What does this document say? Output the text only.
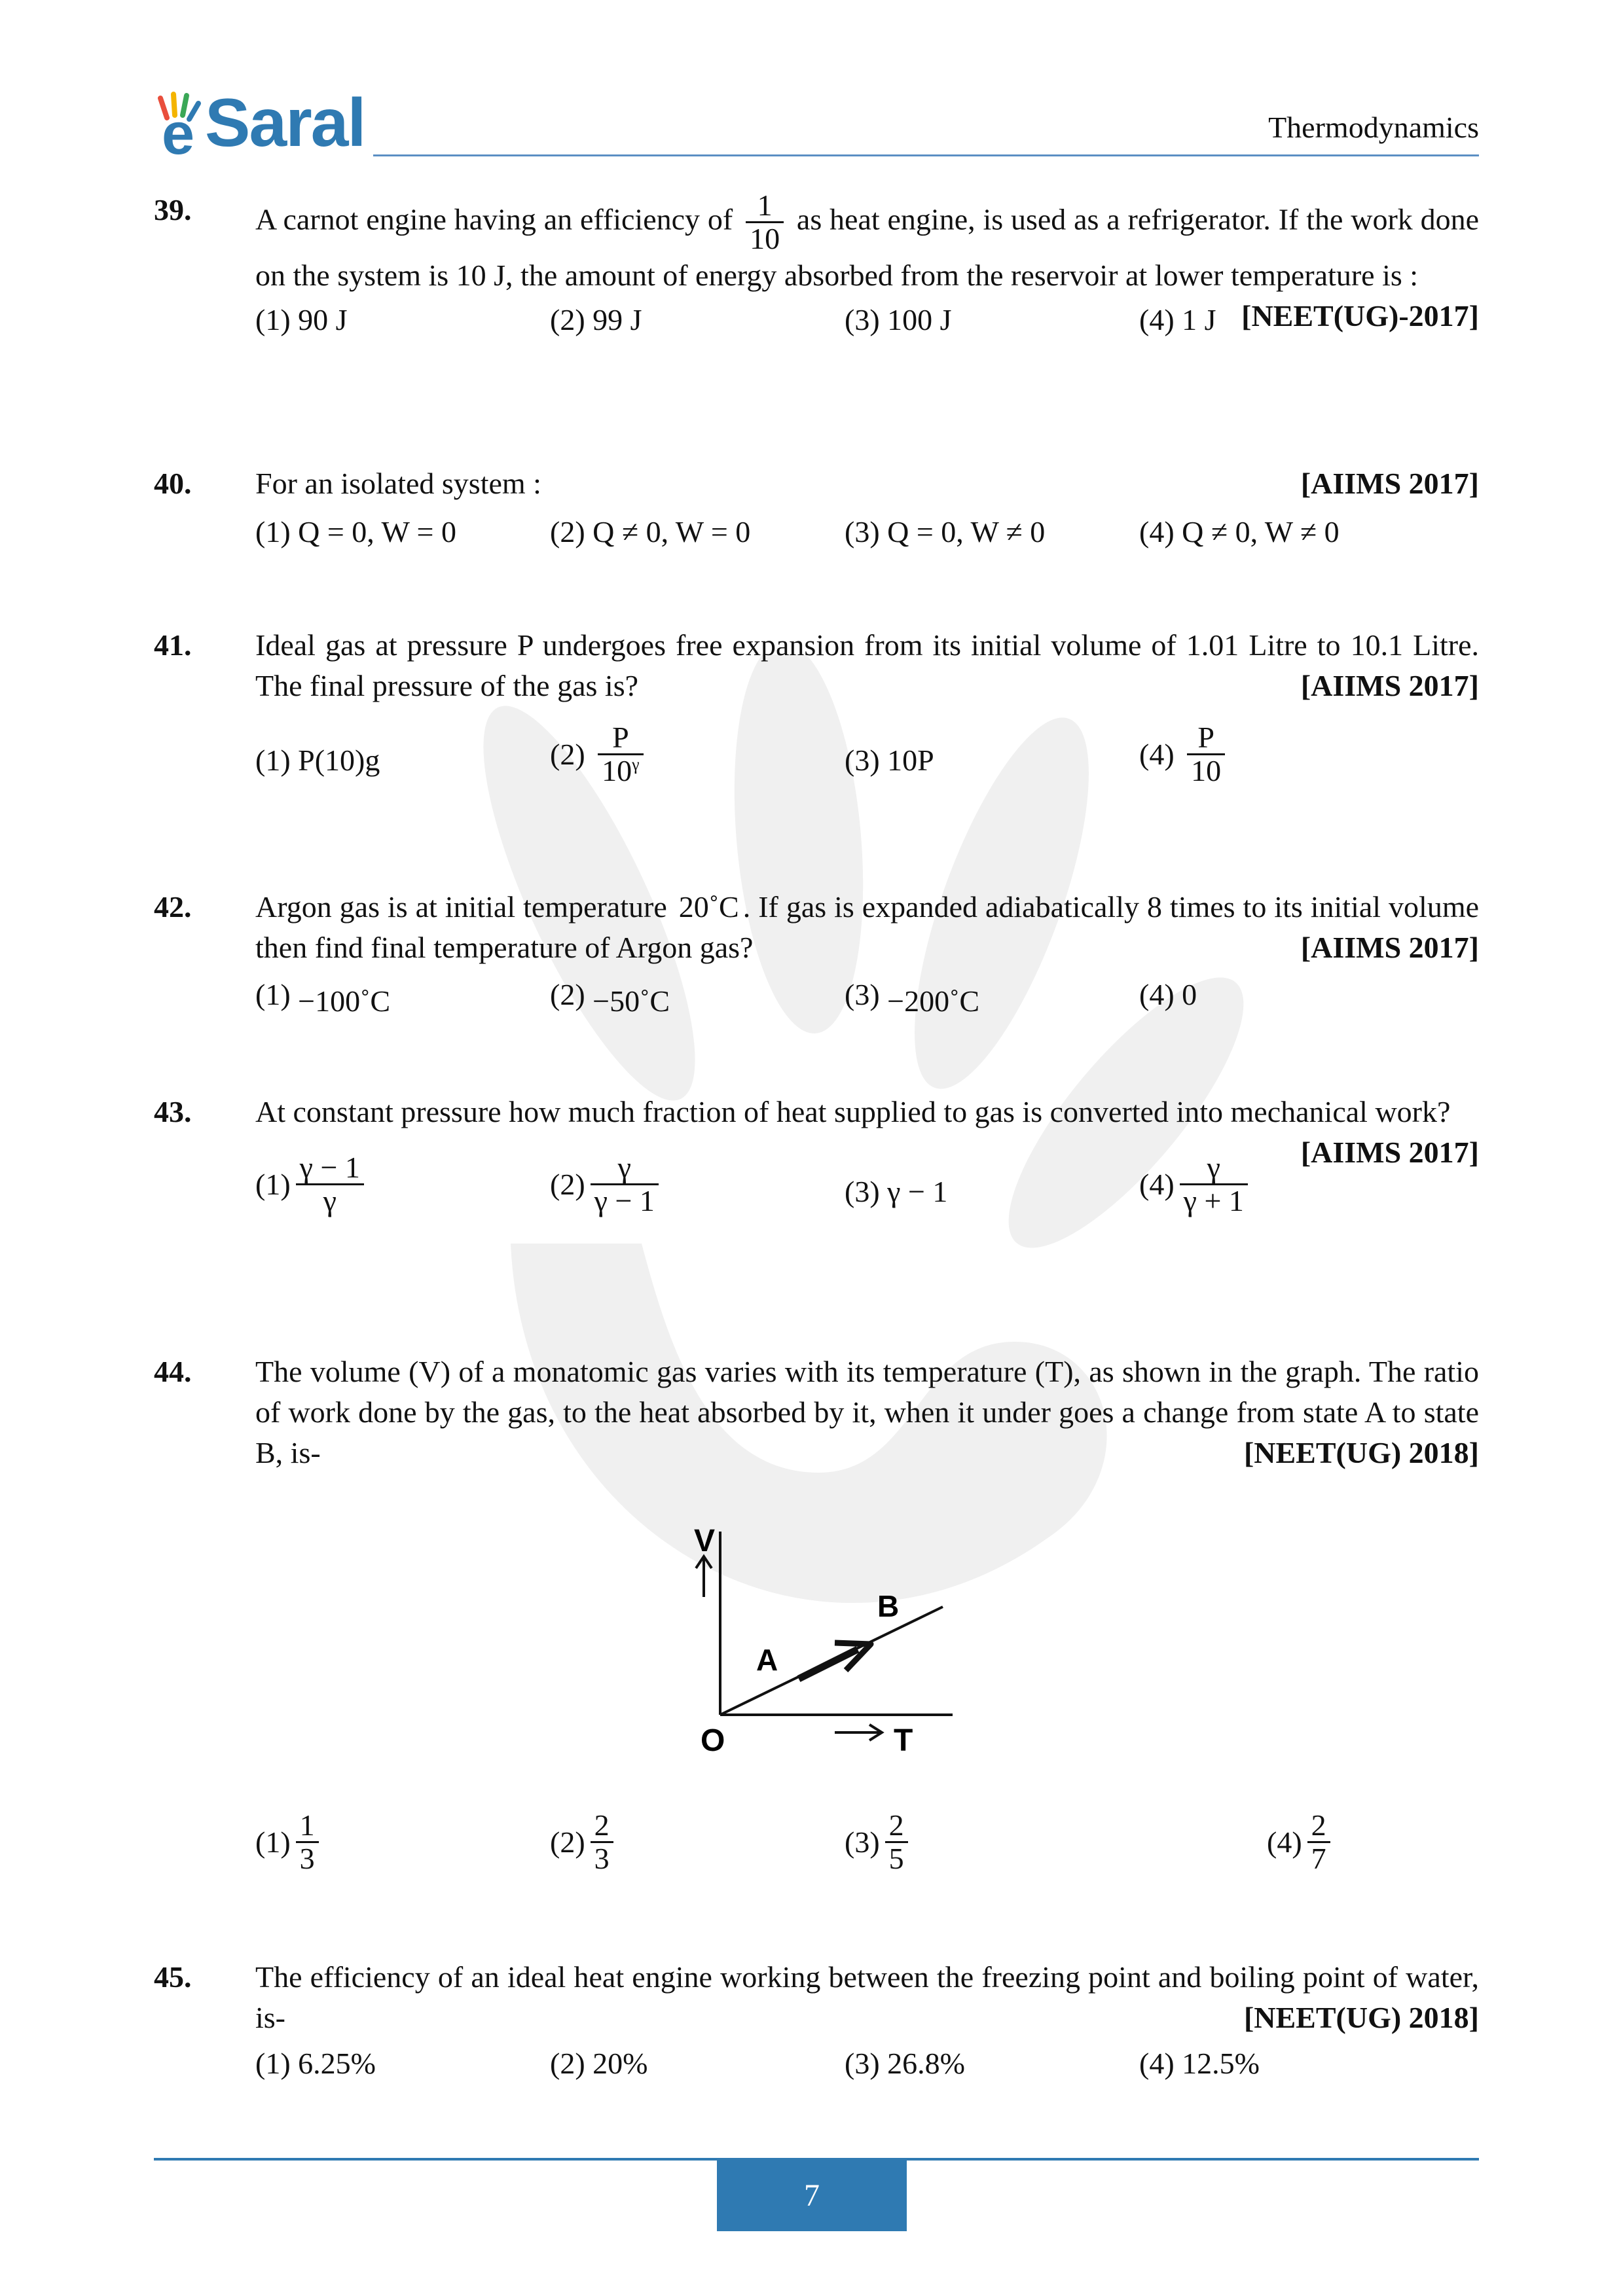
e Saral	Thermodynamics
39. A carnot engine having an efficiency of $\frac{1}{10}$ as heat engine, is used as a refrigerator. If the work done on the system is 10 J, the amount of energy absorbed from the reservoir at lower temperature is :
[NEET(UG)-2017]
(1) 90 J	(2) 99 J	(3) 100 J	(4) 1 J
40. For an isolated system :	[AIIMS 2017]
(1) Q = 0, W = 0	(2) Q ≠ 0, W = 0	(3) Q = 0, W ≠ 0	(4) Q ≠ 0, W ≠ 0
41. Ideal gas at pressure P undergoes free expansion from its initial volume of 1.01 Litre to 10.1 Litre. The final pressure of the gas is?	[AIIMS 2017]
(1) P(10)g	$(2) \frac{P}{10^\gamma}$	(3) 10P	$(4) \frac{P}{10}$
42. Argon gas is at initial temperature 20˚C . If gas is expanded adiabatically 8 times to its initial volume then find final temperature of Argon gas?	[AIIMS 2017]
(1) −100˚C	(2) −50˚C	(3) −200˚C	(4) 0
43. At constant pressure how much fraction of heat supplied to gas is converted into mechanical work?
[AIIMS 2017]
$(1) \frac{\gamma - 1}{\gamma}$	$(2) \frac{\gamma}{\gamma - 1}$	(3) γ − 1	$(4) \frac{\gamma}{\gamma + 1}$
44. The volume (V) of a monatomic gas varies with its temperature (T), as shown in the graph. The ratio of work done by the gas, to the heat absorbed by it, when it under goes a change from state A to state B, is-	[NEET(UG) 2018]
V
O	T
A
B
$(1) \frac{1}{3}$	$(2) \frac{2}{3}$	$(3) \frac{2}{5}$	$(4) \frac{2}{7}$
45. The efficiency of an ideal heat engine working between the freezing point and boiling point of water, is-	[NEET(UG) 2018]
(1) 6.25%	(2) 20%	(3) 26.8%	(4) 12.5%
7
